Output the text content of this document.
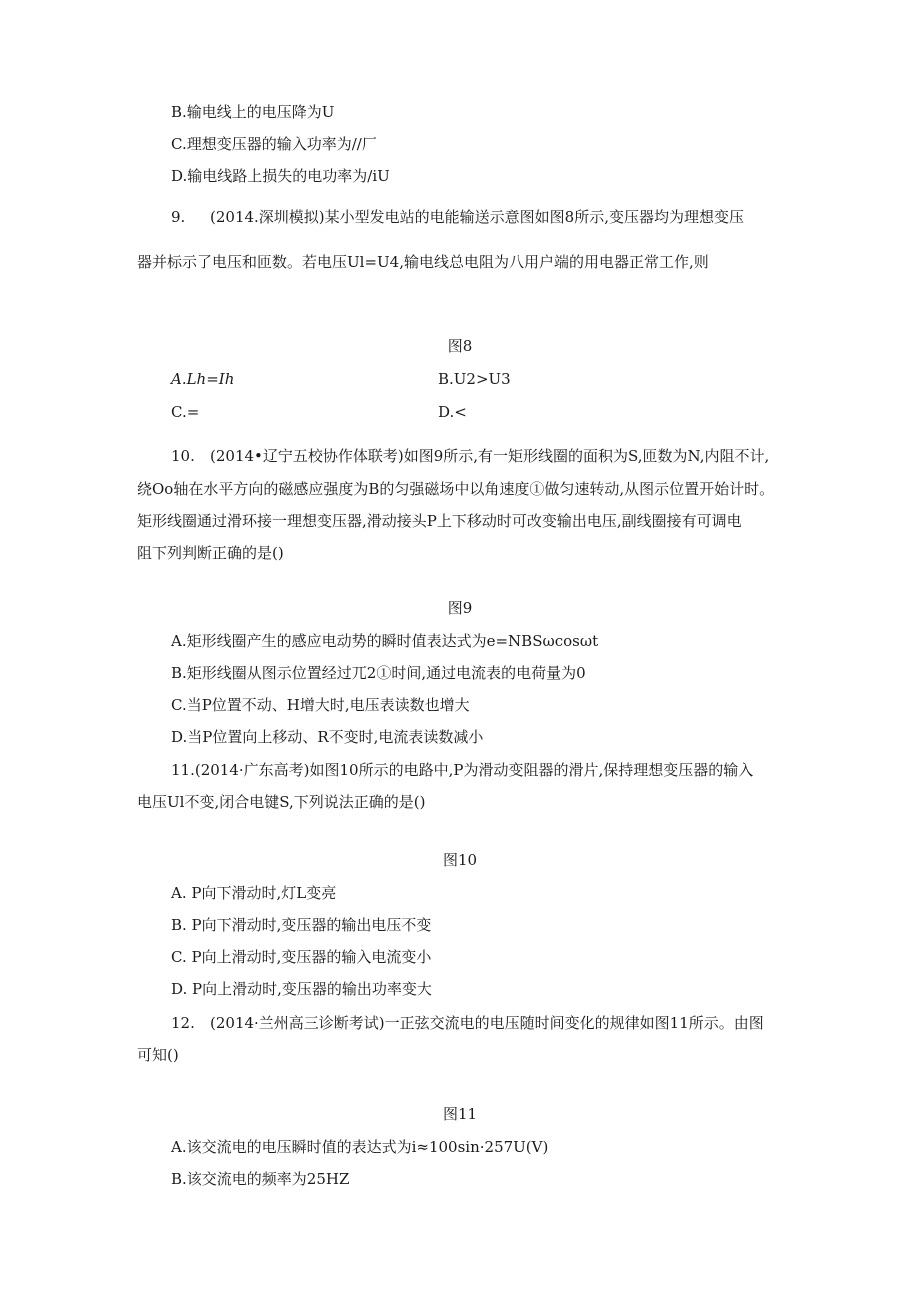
B.输电线上的电压降为U
C.理想变压器的输入功率为//厂
D.输电线路上损失的电功率为∕iU
9. (2014.深圳模拟)某小型发电站的电能输送示意图如图8所示,变压器均为理想变压
器并标示了电压和匝数。若电压Ul=U4,输电线总电阻为八用户端的用电器正常工作,则
图8
A.Lh=Ih	B.U2>U3
C.=	D.<
10. (2014•辽宁五校协作体联考)如图9所示,有一矩形线圈的面积为S,匝数为N,内阻不计,
绕Oo轴在水平方向的磁感应强度为B的匀强磁场中以角速度①做匀速转动,从图示位置开始计时。
矩形线圈通过滑环接一理想变压器,滑动接头P上下移动时可改变输出电压,副线圈接有可调电
阻下列判断正确的是()
图9
A.矩形线圈产生的感应电动势的瞬时值表达式为e=NBSωcosωt
B.矩形线圈从图示位置经过兀2①时间,通过电流表的电荷量为0
C.当P位置不动、H增大时,电压表读数也增大
D.当P位置向上移动、R不变时,电流表读数减小
11.(2014·广东高考)如图10所示的电路中,P为滑动变阻器的滑片,保持理想变压器的输入
电压Ul不变,闭合电键S,下列说法正确的是()
图10
A. P向下滑动时,灯L变亮
B. P向下滑动时,变压器的输出电压不变
C. P向上滑动时,变压器的输入电流变小
D. P向上滑动时,变压器的输出功率变大
12. (2014·兰州高三诊断考试)一正弦交流电的电压随时间变化的规律如图11所示。由图
可知()
图11
A.该交流电的电压瞬时值的表达式为i≈100sin·257U(V)
B.该交流电的频率为25HZ
